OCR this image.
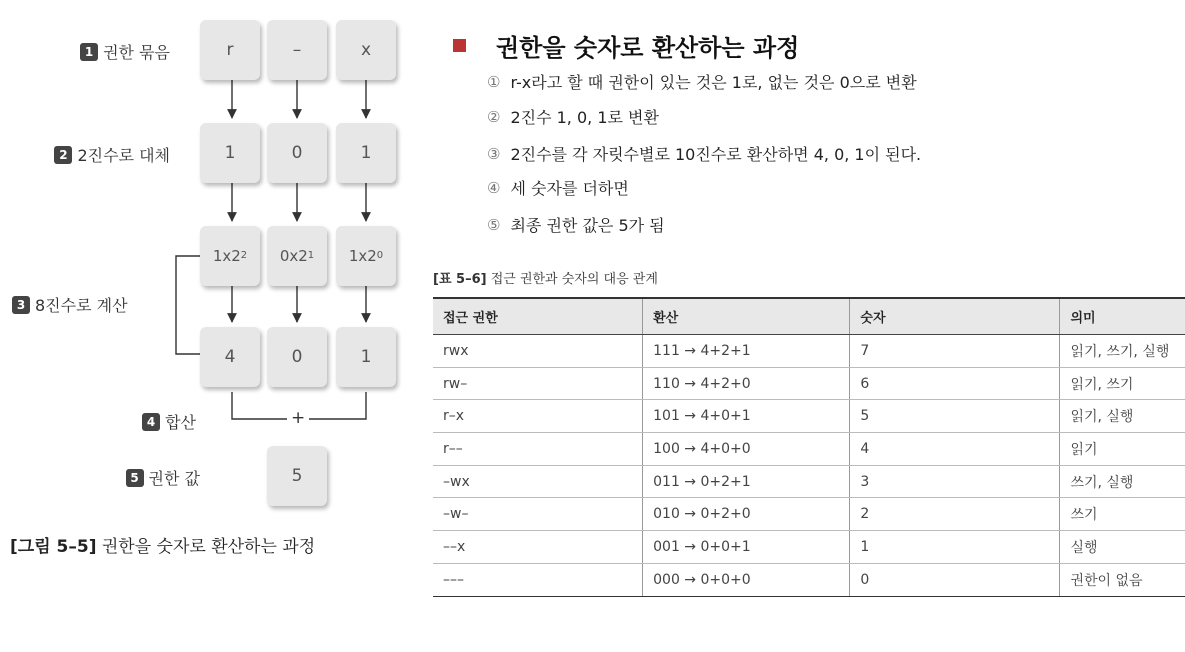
1 권한 묶음
2 2진수로 대체
3 8진수로 계산
4 합산
5 권한 값
r	–	x
1	0	1
1x2 2 0x2 1 1x2 0
4	0	1
+
5
[그림 5–5] 권한을 숫자로 환산하는 과정
권한을 숫자로 환산하는 과정
① r-x라고 할 때 권한이 있는 것은 1로, 없는 것은 0으로 변환
② 2진수 1, 0, 1로 변환
③ 2진수를 각 자릿수별로 10진수로 환산하면 4, 0, 1이 된다.
④ 세 숫자를 더하면
⑤ 최종 권한 값은 5가 됨
[표 5–6] 접근 권한과 숫자의 대응 관계
접근 권한	환산	숫자	의미
rwx	111 → 4+2+1	7	읽기, 쓰기, 실행
rw–	110 → 4+2+0	6	읽기, 쓰기
r–x	101 → 4+0+1	5	읽기, 실행
r––	100 → 4+0+0	4	읽기
–wx	011 → 0+2+1	3	쓰기, 실행
–w–	010 → 0+2+0	2	쓰기
––x	001 → 0+0+1	1	실행
–––	000 → 0+0+0	0	권한이 없음
